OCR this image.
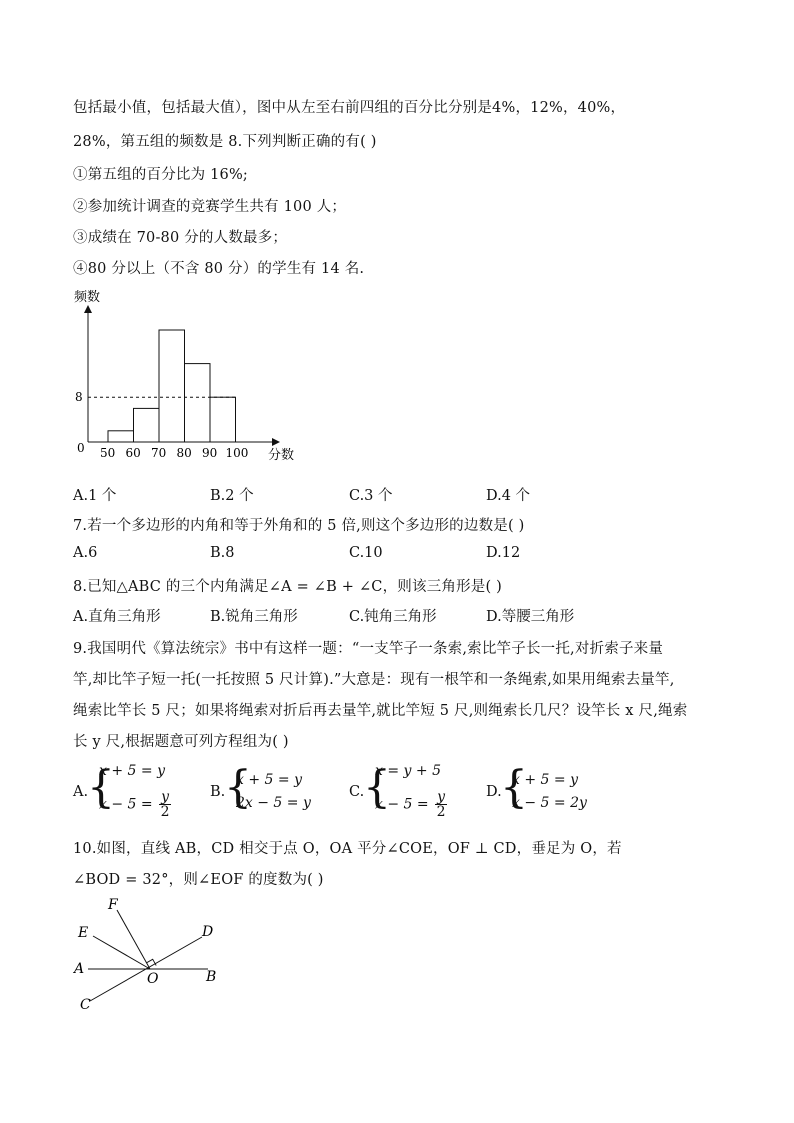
包括最小值，包括最大值），图中从左至右前四组的百分比分别是4%，12%，40%，
28%，第五组的频数是 8.下列判断正确的有( )
①第五组的百分比为 16%;
②参加统计调查的竞赛学生共有 100 人；
③成绩在 70-80 分的人数最多；
④80 分以上（不含 80 分）的学生有 14 名.
频数
分数
0
8
50 60 70 80 90 100
A.1 个	B.2 个	C.3 个	D.4 个
7.若一个多边形的内角和等于外角和的 5 倍,则这个多边形的边数是( )
A.6	B.8	C.10	D.12
8.已知△ABC 的三个内角满足∠A = ∠B + ∠C，则该三角形是( )
A.直角三角形	B.锐角三角形	C.钝角三角形	D.等腰三角形
9.我国明代《算法统宗》书中有这样一题：“一支竿子一条索,索比竿子长一托,对折索子来量
竿,却比竿子短一托(一托按照 5 尺计算).”大意是：现有一根竿和一条绳索,如果用绳索去量竿,
绳索比竿长 5 尺；如果将绳索对折后再去量竿,就比竿短 5 尺,则绳索长几尺？设竿长 x 尺,绳索
长 y 尺,根据题意可列方程组为( )
A.
{
x + 5 = y
$x - 5 = \frac{y}{2}$	B.
{
x + 5 = y
2x − 5 = y
C.
{
x = y + 5
$x - 5 = \frac{y}{2}$	D.
{
x + 5 = y
x − 5 = 2y
10.如图，直线 AB，CD 相交于点 O，OA 平分∠COE，OF ⊥ CD，垂足为 O，若
∠BOD = 32°，则∠EOF 的度数为( )
F
E	D
A
O	B
C
